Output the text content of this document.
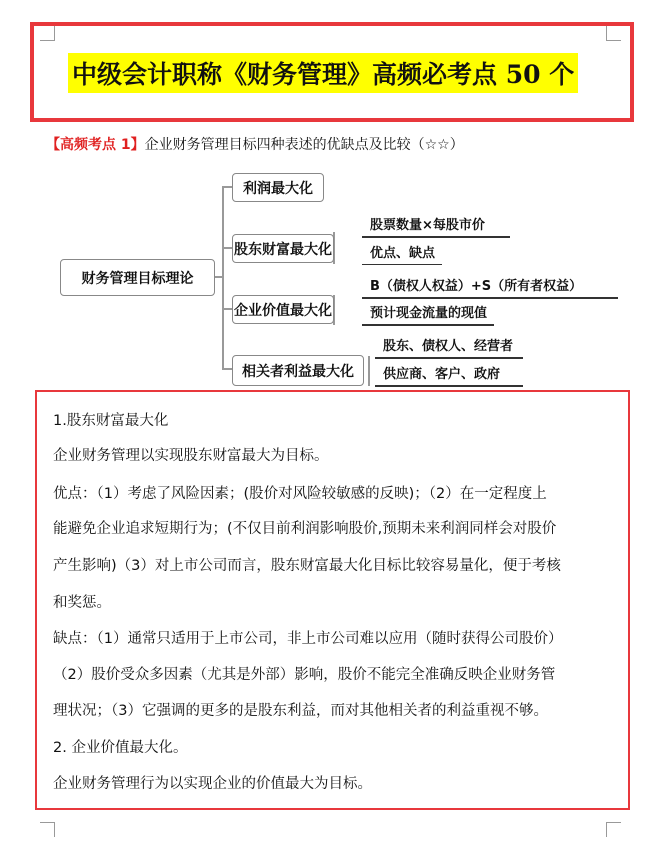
中级会计职称《财务管理》高频必考点 50 个
【高频考点 1】企业财务管理目标四种表述的优缺点及比较（☆☆）
财务管理目标理论
利润最大化
股东财富最大化
企业价值最大化
相关者利益最大化
股票数量×每股市价
优点、缺点
B（债权人权益）+S（所有者权益）
预计现金流量的现值
股东、债权人、经营者
供应商、客户、政府
1.股东财富最大化
企业财务管理以实现股东财富最大为目标。
优点：（1）考虑了风险因素；(股价对风险较敏感的反映)；（2）在一定程度上
能避免企业追求短期行为；(不仅目前利润影响股价,预期未来利润同样会对股价
产生影响)（3）对上市公司而言，股东财富最大化目标比较容易量化，便于考核
和奖惩。
缺点：（1）通常只适用于上市公司，非上市公司难以应用（随时获得公司股价）
（2）股价受众多因素（尤其是外部）影响，股价不能完全准确反映企业财务管
理状况；（3）它强调的更多的是股东利益，而对其他相关者的利益重视不够。
2. 企业价值最大化。
企业财务管理行为以实现企业的价值最大为目标。
